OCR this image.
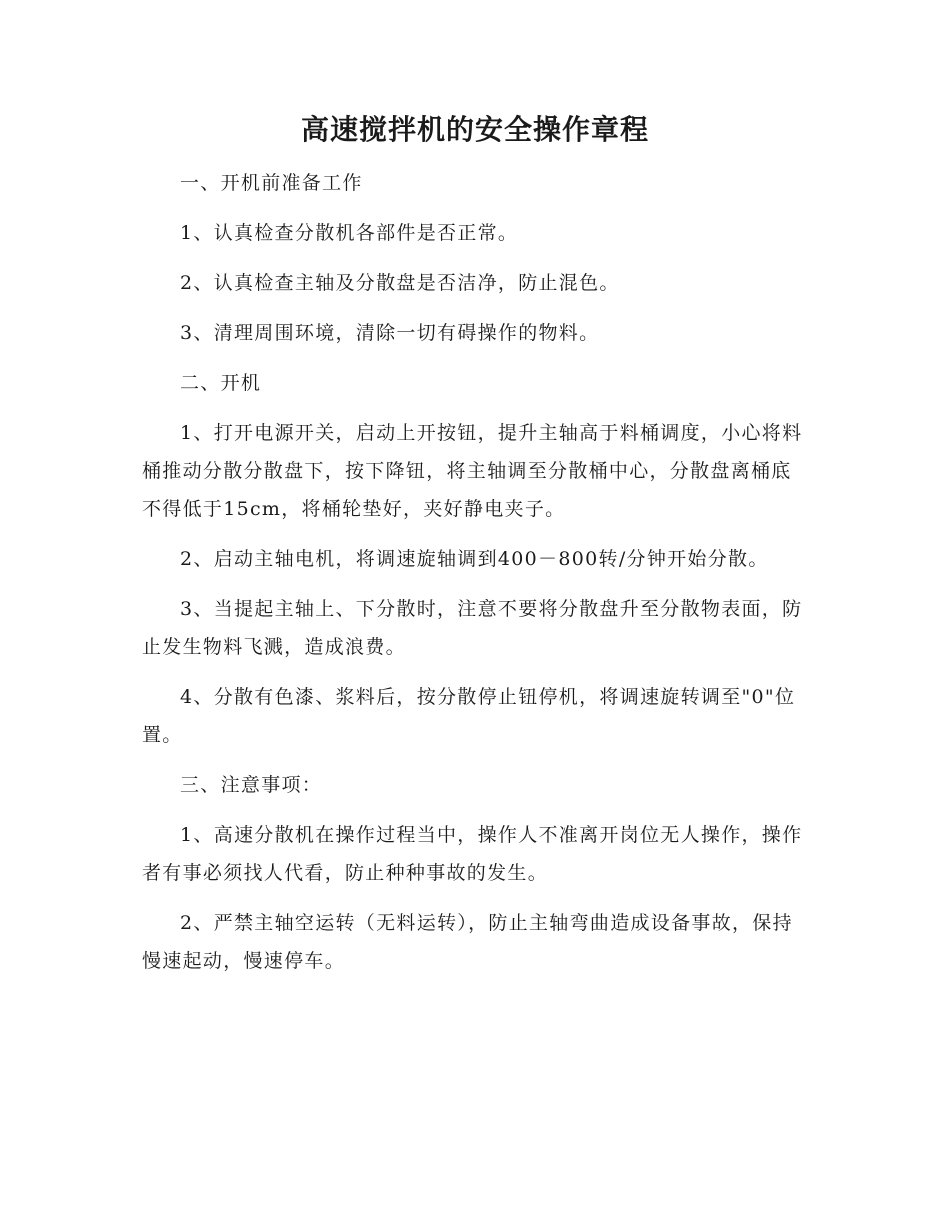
高速搅拌机的安全操作章程

一、开机前准备工作

1、认真检查分散机各部件是否正常。

2、认真检查主轴及分散盘是否洁净，防止混色。

3、清理周围环境，清除一切有碍操作的物料。

二、开机

1、打开电源开关，启动上开按钮，提升主轴高于料桶调度，小心将料桶推动分散分散盘下，按下降钮，将主轴调至分散桶中心，分散盘离桶底不得低于15cm，将桶轮垫好，夹好静电夹子。

2、启动主轴电机，将调速旋轴调到400－800转/分钟开始分散。

3、当提起主轴上、下分散时，注意不要将分散盘升至分散物表面，防止发生物料飞溅，造成浪费。

4、分散有色漆、浆料后，按分散停止钮停机，将调速旋转调至"0"位置。

三、注意事项：

1、高速分散机在操作过程当中，操作人不准离开岗位无人操作，操作者有事必须找人代看，防止种种事故的发生。

2、严禁主轴空运转（无料运转），防止主轴弯曲造成设备事故，保持慢速起动，慢速停车。
